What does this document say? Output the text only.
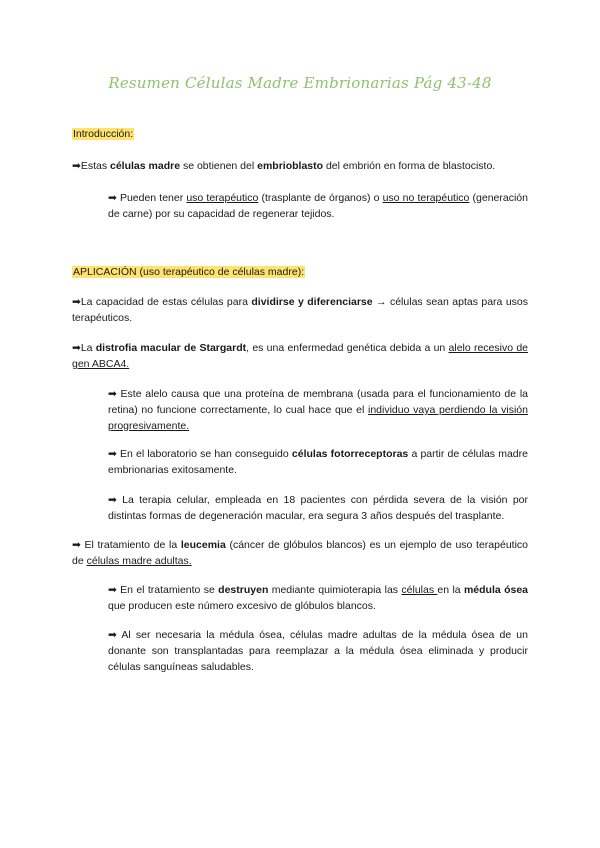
Resumen Células Madre Embrionarias Pág 43-48
Introducción:
➡Estas células madre se obtienen del embrioblasto del embrión en forma de blastocisto.
➡ Pueden tener uso terapéutico (trasplante de órganos) o uso no terapéutico (generación de carne) por su capacidad de regenerar tejidos.
APLICACIÓN (uso terapéutico de células madre):
➡La capacidad de estas células para dividirse y diferenciarse → células sean aptas para usos terapéuticos.
➡La distrofia macular de Stargardt, es una enfermedad genética debida a un alelo recesivo de gen ABCA4.
➡ Este alelo causa que una proteína de membrana (usada para el funcionamiento de la retina) no funcione correctamente, lo cual hace que el individuo vaya perdiendo la visión progresivamente.
➡ En el laboratorio se han conseguido células fotorreceptoras a partir de células madre embrionarias exitosamente.
➡ La terapia celular, empleada en 18 pacientes con pérdida severa de la visión por distintas formas de degeneración macular, era segura 3 años después del trasplante.
➡ El tratamiento de la leucemia (cáncer de glóbulos blancos) es un ejemplo de uso terapéutico de células madre adultas.
➡ En el tratamiento se destruyen mediante quimioterapia las células en la médula ósea que producen este número excesivo de glóbulos blancos.
➡ Al ser necesaria la médula ósea, células madre adultas de la médula ósea de un donante son transplantadas para reemplazar a la médula ósea eliminada y producir células sanguíneas saludables.
